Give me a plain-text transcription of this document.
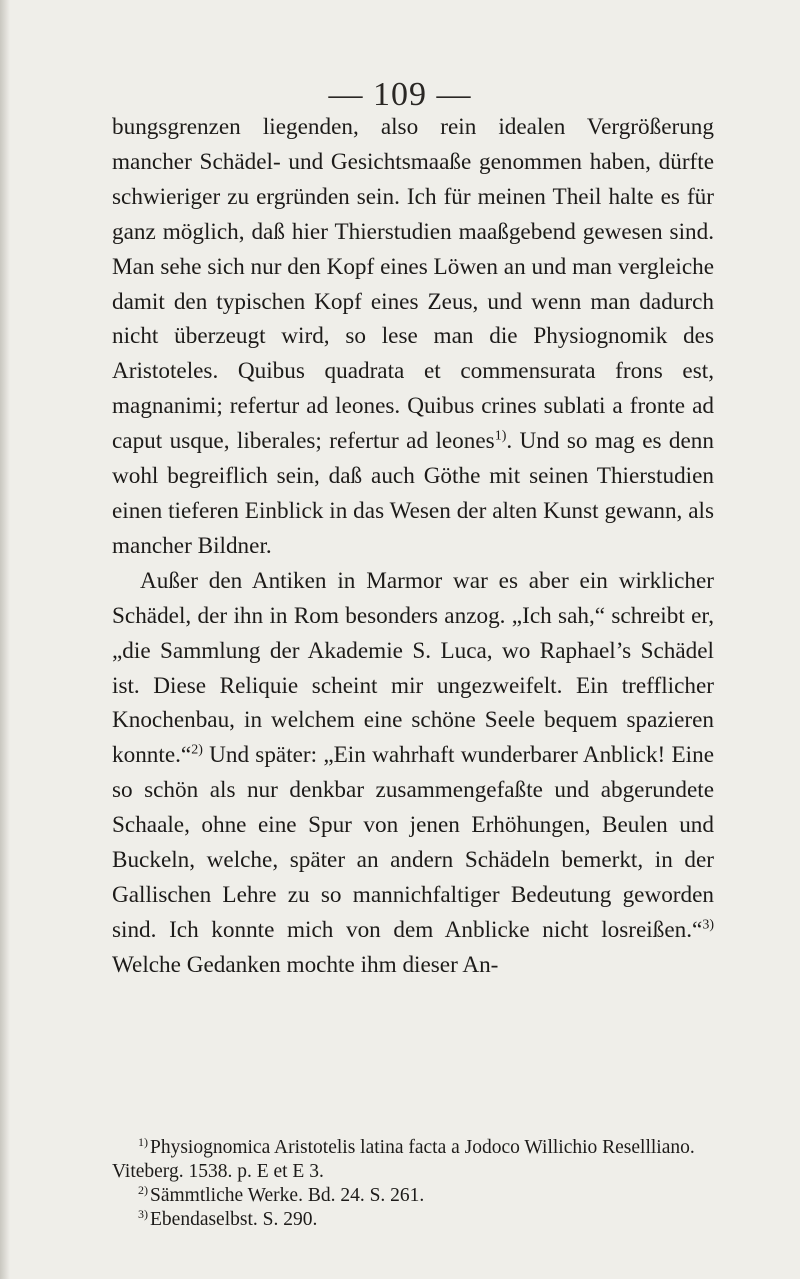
— 109 —

bungsgrenzen liegenden, also rein idealen Vergrößerung mancher Schädel- und Gesichtsmaaße genommen haben, dürfte schwieriger zu ergründen sein. Ich für meinen Theil halte es für ganz möglich, daß hier Thierstudien maaßgebend gewesen sind. Man sehe sich nur den Kopf eines Löwen an und man vergleiche damit den typischen Kopf eines Zeus, und wenn man dadurch nicht überzeugt wird, so lese man die Physiognomik des Aristoteles. Quibus quadrata et commensurata frons est, magnanimi; refertur ad leones. Quibus crines sublati a fronte ad caput usque, liberales; refertur ad leones$^{1)}$. Und so mag es denn wohl begreiflich sein, daß auch Göthe mit seinen Thierstudien einen tieferen Einblick in das Wesen der alten Kunst gewann, als mancher Bildner.

Außer den Antiken in Marmor war es aber ein wirklicher Schädel, der ihn in Rom besonders anzog. „Ich sah,“ schreibt er, „die Sammlung der Akademie S. Luca, wo Raphael’s Schädel ist. Diese Reliquie scheint mir ungezweifelt. Ein trefflicher Knochenbau, in welchem eine schöne Seele bequem spazieren konnte.“$^{2)}$ Und später: „Ein wahrhaft wunderbarer Anblick! Eine so schön als nur denkbar zusammengefaßte und abgerundete Schaale, ohne eine Spur von jenen Erhöhungen, Beulen und Buckeln, welche, später an andern Schädeln bemerkt, in der Gallischen Lehre zu so mannichfaltiger Bedeutung geworden sind. Ich konnte mich von dem Anblicke nicht losreißen.“$^{3)}$ Welche Gedanken mochte ihm dieser An-

$^{1)}$ Physiognomica Aristotelis latina facta a Jodoco Willichio Resellliano. Viteberg. 1538. p. E et E 3.

$^{2)}$ Sämmtliche Werke. Bd. 24. S. 261.

$^{3)}$ Ebendaselbst. S. 290.
